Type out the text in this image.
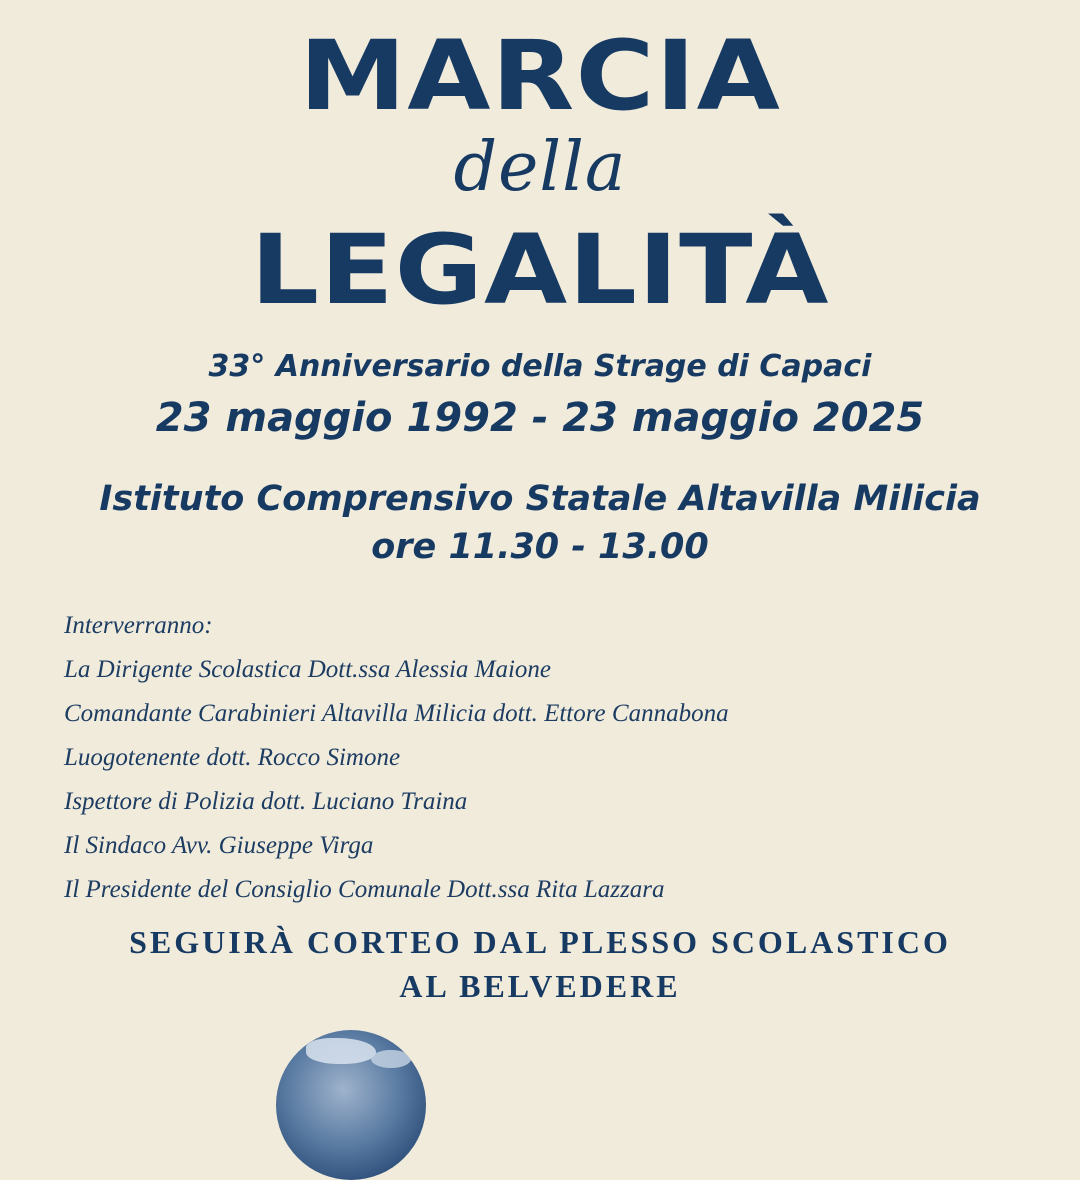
MARCIA
della
LEGALITÀ

33° Anniversario della Strage di Capaci

23 maggio 1992 - 23 maggio 2025

Istituto Comprensivo Statale Altavilla Milicia

ore 11.30 - 13.00

Interverranno:
La Dirigente Scolastica Dott.ssa Alessia Maione
Comandante Carabinieri Altavilla Milicia dott. Ettore Cannabona
Luogotenente dott. Rocco Simone
Ispettore di Polizia dott. Luciano Traina
Il Sindaco Avv. Giuseppe Virga
Il Presidente del Consiglio Comunale Dott.ssa Rita Lazzara

SEGUIRÀ CORTEO DAL PLESSO SCOLASTICO

AL BELVEDERE
